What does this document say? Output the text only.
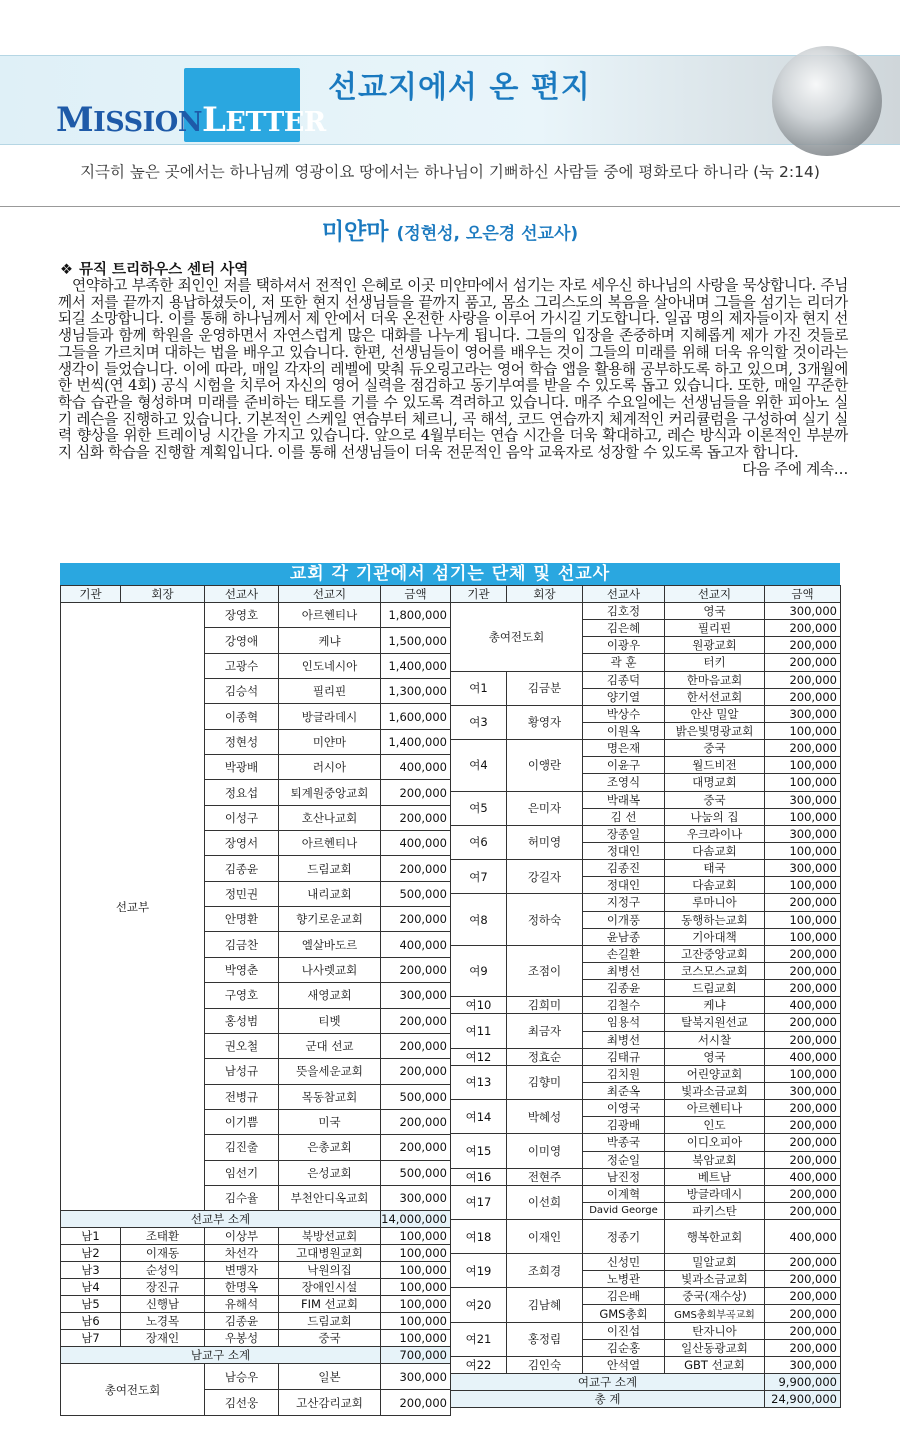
MISSIONLETTER
선교지에서 온 편지
지극히 높은 곳에서는 하나님께 영광이요 땅에서는 하나님이 기뻐하신 사람들 중에 평화로다 하니라 (눅 2:14)
미얀마 (정현성, 오은경 선교사)
❖ 뮤직 트리하우스 센터 사역
연약하고 부족한 죄인인 저를 택하셔서 전적인 은혜로 이곳 미얀마에서 섬기는 자로 세우신 하나님의 사랑을 묵상합니다. 주님께서 저를 끝까지 용납하셨듯이, 저 또한 현지 선생님들을 끝까지 품고, 몸소 그리스도의 복음을 살아내며 그들을 섬기는 리더가 되길 소망합니다. 이를 통해 하나님께서 제 안에서 더욱 온전한 사랑을 이루어 가시길 기도합니다. 일곱 명의 제자들이자 현지 선생님들과 함께 학원을 운영하면서 자연스럽게 많은 대화를 나누게 됩니다. 그들의 입장을 존중하며 지혜롭게 제가 가진 것들로 그들을 가르치며 대하는 법을 배우고 있습니다. 한편, 선생님들이 영어를 배우는 것이 그들의 미래를 위해 더욱 유익할 것이라는 생각이 들었습니다. 이에 따라, 매일 각자의 레벨에 맞춰 듀오링고라는 영어 학습 앱을 활용해 공부하도록 하고 있으며, 3개월에 한 번씩(연 4회) 공식 시험을 치루어 자신의 영어 실력을 점검하고 동기부여를 받을 수 있도록 돕고 있습니다. 또한, 매일 꾸준한 학습 습관을 형성하며 미래를 준비하는 태도를 기를 수 있도록 격려하고 있습니다. 매주 수요일에는 선생님들을 위한 피아노 실기 레슨을 진행하고 있습니다. 기본적인 스케일 연습부터 체르니, 곡 해석, 코드 연습까지 체계적인 커리큘럼을 구성하여 실기 실력 향상을 위한 트레이닝 시간을 가지고 있습니다. 앞으로 4월부터는 연습 시간을 더욱 확대하고, 레슨 방식과 이론적인 부분까지 심화 학습을 진행할 계획입니다. 이를 통해 선생님들이 더욱 전문적인 음악 교육자로 성장할 수 있도록 돕고자 합니다.
다음 주에 계속…
교회 각 기관에서 섬기는 단체 및 선교사
기관	회장	선교사	선교지	금액
선교부		장영호	아르헨티나	1,800,000
		강영애	케냐	1,500,000
		고광수	인도네시아	1,400,000
		김승석	필리핀	1,300,000
		이종혁	방글라데시	1,600,000
		정현성	미얀마	1,400,000
		박광배	러시아	400,000
		정요섭	퇴계원중앙교회	200,000
		이성구	호산나교회	200,000
		장영서	아르헨티나	400,000
		김종윤	드림교회	200,000
		정민권	내리교회	500,000
		안명환	향기로운교회	200,000
		김금찬	엘살바도르	400,000
		박영춘	나사렛교회	200,000
		구영호	새영교회	300,000
		홍성범	티벳	200,000
		권오철	군대 선교	200,000
		남성규	뜻을세운교회	200,000
		전병규	목동참교회	500,000
		이기쁨	미국	200,000
		김진출	은총교회	200,000
		임선기	은성교회	500,000
		김수율	부천안디옥교회	300,000
선교부 소계				14,000,000
남1	조태환	이상부	북방선교회	100,000
남2	이재동	차선각	고대병원교회	100,000
남3	순성익	변맹자	낙원의집	100,000
남4	장진규	한명옥	장애인시설	100,000
남5	신행남	유해석	FIM 선교회	100,000
남6	노경목	김종윤	드림교회	100,000
남7	장재인	우봉성	중국	100,000
남교구 소계				700,000
총여전도회		남승우	일본	300,000
		김선웅	고산감리교회	200,000
기관	회장	선교사	선교지	금액
총여전도회		김호정	영국	300,000
		김은혜	필리핀	200,000
		이광우	원광교회	200,000
		곽 훈	터키	200,000
여1	김금분	김종덕	한마음교회	200,000
		양기열	한서선교회	200,000
여3	황영자	박상수	안산 밀알	300,000
		이원옥	밝은빛명광교회	100,000
여4	이앵란	명은재	중국	200,000
		이윤구	월드비전	100,000
		조영식	대명교회	100,000
여5	은미자	박래복	중국	300,000
		김 선	나눔의 집	100,000
여6	허미영	장종일	우크라이나	300,000
		정대인	다솜교회	100,000
여7	강길자	김종진	태국	300,000
		정대인	다솜교회	100,000
여8	정하숙	지정구	루마니아	200,000
		이개풍	동행하는교회	100,000
		윤남종	기아대책	100,000
여9	조점이	손길환	고잔중앙교회	200,000
		최병선	코스모스교회	200,000
		김종윤	드림교회	200,000
여10	김희미	김철수	케냐	400,000
여11	최금자	임용석	탈북지원선교	200,000
		최병선	서시찰	200,000
여12	정효순	김태규	영국	400,000
여13	김향미	김치원	어린양교회	100,000
		최준옥	빛과소금교회	300,000
여14	박혜성	이영국	아르헨티나	200,000
		김광배	인도	200,000
여15	이미영	박종국	이디오피아	200,000
		정순일	북암교회	200,000
여16	전현주	남진정	베트남	400,000
여17	이선희	이계혁	방글라데시	200,000
		David George	파키스탄	200,000
여18	이재인	정종기	행복한교회	400,000
여19	조희경	신성민	밀알교회	200,000
		노병관	빛과소금교회	200,000
여20	김남혜	김은배	중국(재수상)	200,000
		GMS총회	GMS총회부곡교회	200,000
여21	홍정림	이진섭	탄자니아	200,000
		김순홍	일산동광교회	200,000
여22	김인숙	안석열	GBT 선교회	300,000
여교구 소계				9,900,000
총 계				24,900,000
